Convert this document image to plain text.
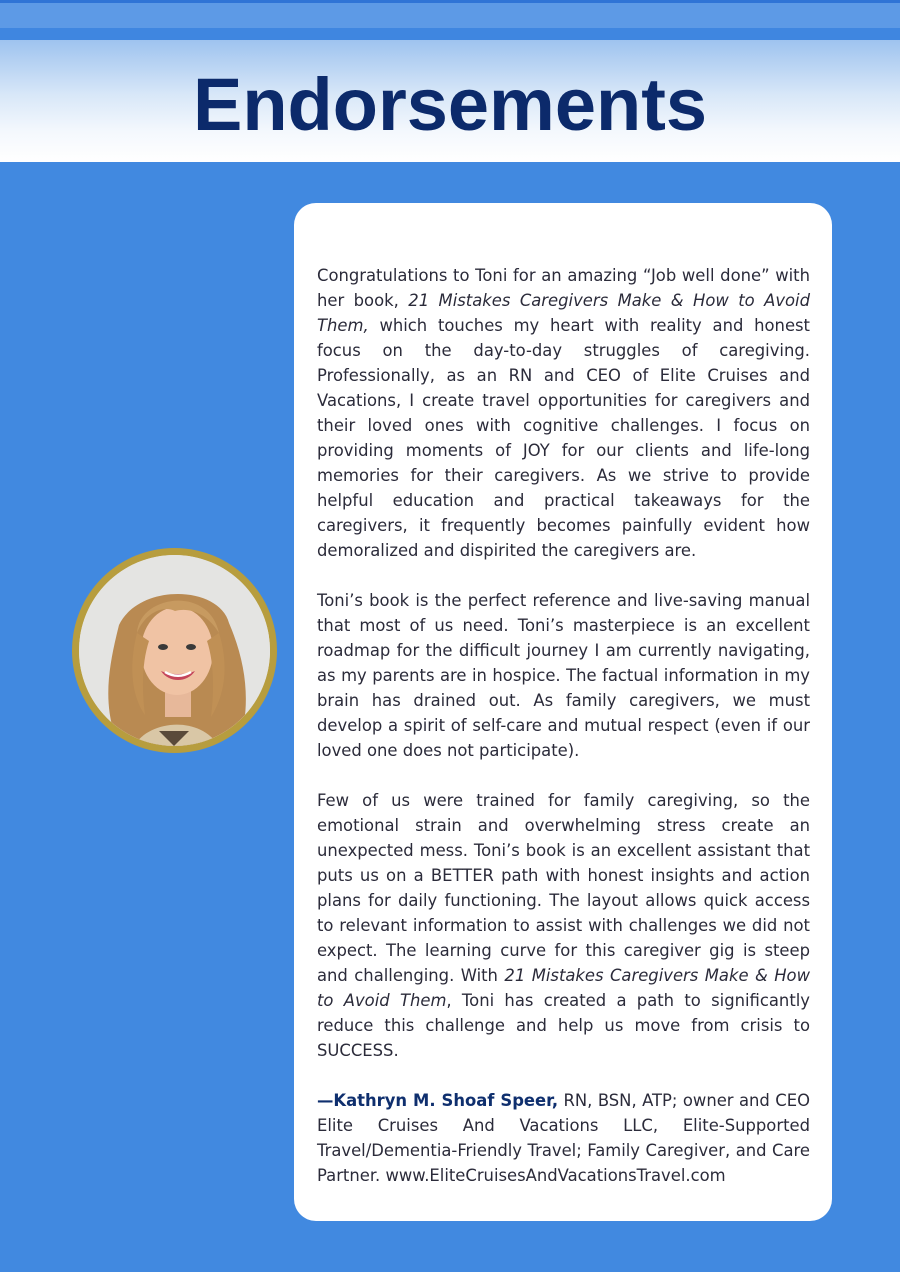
Endorsements

Congratulations to Toni for an amazing “Job well done” with her book, 21 Mistakes Caregivers Make & How to Avoid Them, which touches my heart with reality and honest focus on the day-to-day struggles of caregiving. Professionally, as an RN and CEO of Elite Cruises and Vacations, I create travel opportunities for caregivers and their loved ones with cognitive challenges. I focus on providing moments of JOY for our clients and life-long memories for their caregivers. As we strive to provide helpful education and practical takeaways for the caregivers, it frequently becomes painfully evident how demoralized and dispirited the caregivers are.

Toni’s book is the perfect reference and live-saving manual that most of us need. Toni’s masterpiece is an excellent roadmap for the difficult journey I am currently navigating, as my parents are in hospice. The factual information in my brain has drained out. As family caregivers, we must develop a spirit of self-care and mutual respect (even if our loved one does not participate).

Few of us were trained for family caregiving, so the emotional strain and overwhelming stress create an unexpected mess. Toni’s book is an excellent assistant that puts us on a BETTER path with honest insights and action plans for daily functioning. The layout allows quick access to relevant information to assist with challenges we did not expect. The learning curve for this caregiver gig is steep and challenging. With 21 Mistakes Caregivers Make & How to Avoid Them, Toni has created a path to significantly reduce this challenge and help us move from crisis to SUCCESS.

—Kathryn M. Shoaf Speer, RN, BSN, ATP; owner and CEO Elite Cruises And Vacations LLC, Elite-Supported Travel/Dementia-Friendly Travel; Family Caregiver, and Care Partner. www.EliteCruisesAndVacationsTravel.com
